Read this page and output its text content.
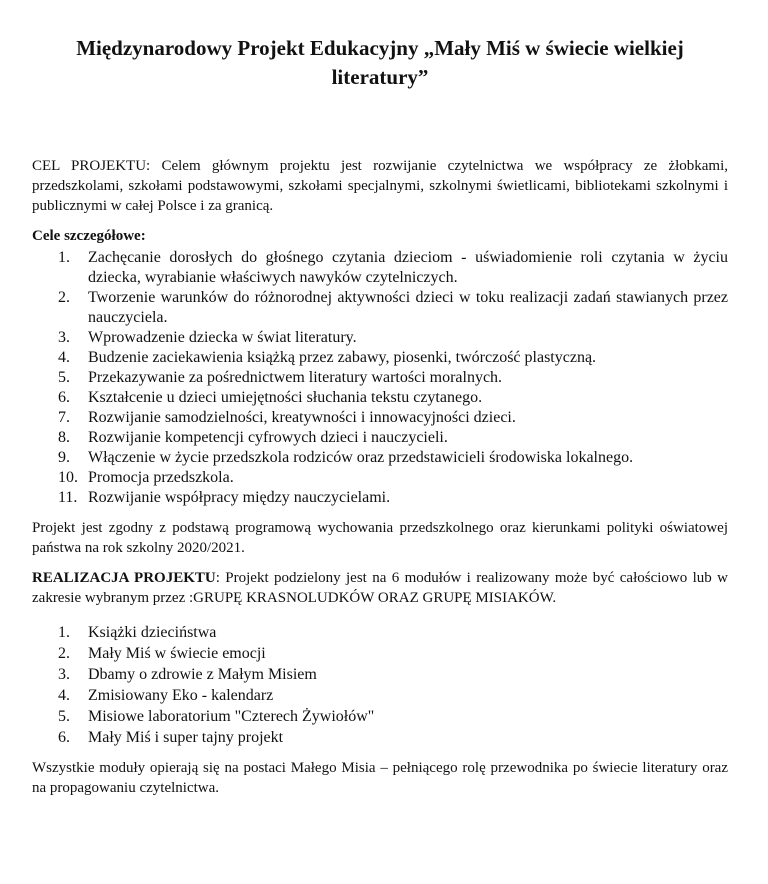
Międzynarodowy Projekt Edukacyjny „Mały Miś w świecie wielkiej literatury”

CEL PROJEKTU: Celem głównym projektu jest rozwijanie czytelnictwa we współpracy ze żłobkami, przedszkolami, szkołami podstawowymi, szkołami specjalnymi, szkolnymi świetlicami, bibliotekami szkolnymi i publicznymi w całej Polsce i za granicą.

Cele szczegółowe:
1. Zachęcanie dorosłych do głośnego czytania dzieciom - uświadomienie roli czytania w życiu dziecka, wyrabianie właściwych nawyków czytelniczych.
2. Tworzenie warunków do różnorodnej aktywności dzieci w toku realizacji zadań stawianych przez nauczyciela.
3. Wprowadzenie dziecka w świat literatury.
4. Budzenie zaciekawienia książką przez zabawy, piosenki, twórczość plastyczną.
5. Przekazywanie za pośrednictwem literatury wartości moralnych.
6. Kształcenie u dzieci umiejętności słuchania tekstu czytanego.
7. Rozwijanie samodzielności, kreatywności i innowacyjności dzieci.
8. Rozwijanie kompetencji cyfrowych dzieci i nauczycieli.
9. Włączenie w życie przedszkola rodziców oraz przedstawicieli środowiska lokalnego.
10. Promocja przedszkola.
11. Rozwijanie współpracy między nauczycielami.

Projekt jest zgodny z podstawą programową wychowania przedszkolnego oraz kierunkami polityki oświatowej państwa na rok szkolny 2020/2021.

REALIZACJA PROJEKTU: Projekt podzielony jest na 6 modułów i realizowany może być całościowo lub w zakresie wybranym przez :GRUPĘ KRASNOLUDKÓW ORAZ GRUPĘ MISIAKÓW.

1. Książki dzieciństwa
2. Mały Miś w świecie emocji
3. Dbamy o zdrowie z Małym Misiem
4. Zmisiowany Eko - kalendarz
5. Misiowe laboratorium "Czterech Żywiołów"
6. Mały Miś i super tajny projekt

Wszystkie moduły opierają się na postaci Małego Misia – pełniącego rolę przewodnika po świecie literatury oraz na propagowaniu czytelnictwa.
